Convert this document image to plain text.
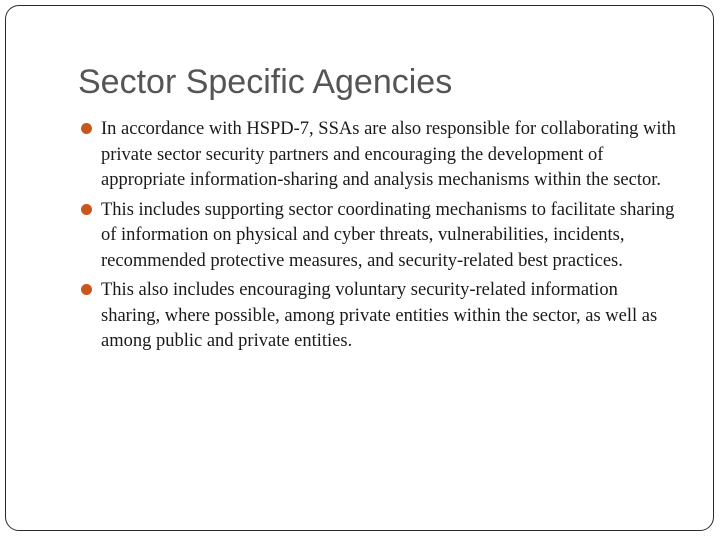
Sector Specific Agencies
In accordance with HSPD-7, SSAs are also responsible for collaborating with private sector security partners and encouraging the development of appropriate information-sharing and analysis mechanisms within the sector.
This includes supporting sector coordinating mechanisms to facilitate sharing of information on physical and cyber threats, vulnerabilities, incidents, recommended protective measures, and security-related best practices.
This also includes encouraging voluntary security-related information sharing, where possible, among private entities within the sector, as well as among public and private entities.
